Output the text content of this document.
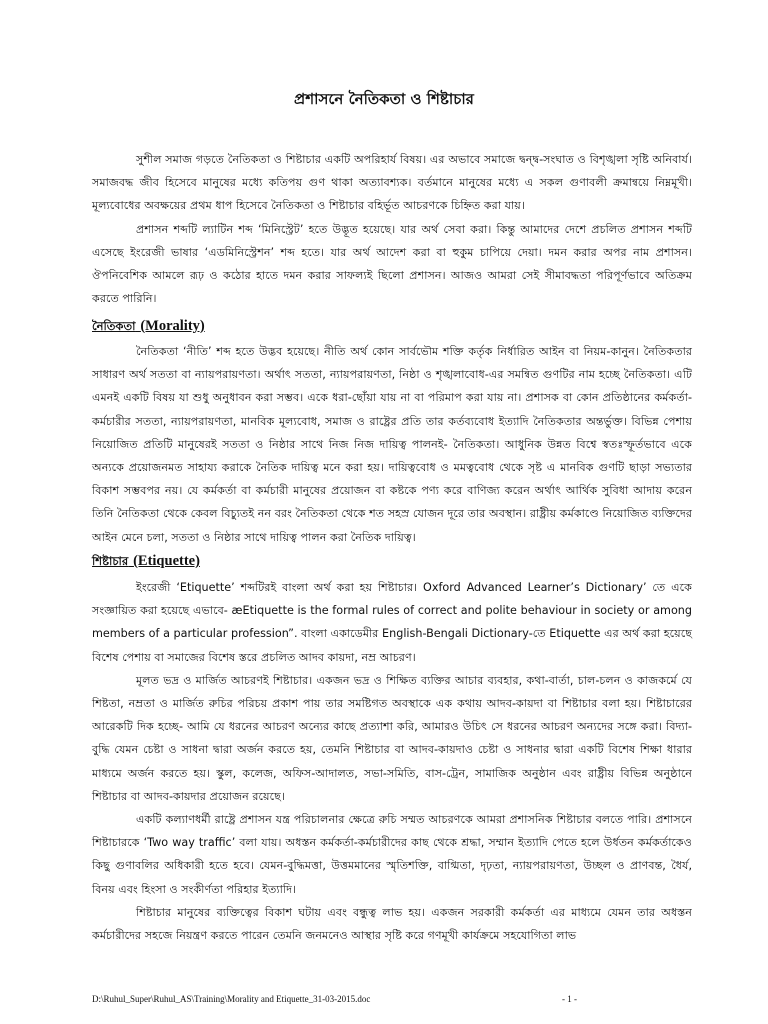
প্রশাসনে নৈতিকতা ও শিষ্টাচার

সুশীল সমাজ গড়তে নৈতিকতা ও শিষ্টাচার একটি অপরিহার্য বিষয়। এর অভাবে সমাজে দ্বন্দ্ব-সংঘাত ও বিশৃঙ্খলা সৃষ্টি অনিবার্য। সমাজবদ্ধ জীব হিসেবে মানুষের মধ্যে কতিপয় গুণ থাকা অত্যাবশ্যক। বর্তমানে মানুষের মধ্যে এ সকল গুণাবলী ক্রমান্বয়ে নিম্নমূখী। মূল্যবোধের অবক্ষয়ের প্রথম ধাপ হিসেবে নৈতিকতা ও শিষ্টাচার বহির্ভূত আচরণকে চিহ্নিত করা যায়।

প্রশাসন শব্দটি ল্যাটিন শব্দ ‘মিনিস্ট্রেট’ হতে উদ্ভূত হয়েছে। যার অর্থ সেবা করা। কিন্তু আমাদের দেশে প্রচলিত প্রশাসন শব্দটি এসেছে ইংরেজী ভাষার ‘এডমিনিস্ট্রেশন’ শব্দ হতে। যার অর্থ আদেশ করা বা হুকুম চাপিয়ে দেয়া। দমন করার অপর নাম প্রশাসন। ঔপনিবেশিক আমলে রূঢ় ও কঠোর হাতে দমন করার সাফল্যই ছিলো প্রশাসন। আজও আমরা সেই সীমাবদ্ধতা পরিপূর্ণভাবে অতিক্রম করতে পারিনি।

নৈতিকতা (Morality)

নৈতিকতা ‘নীতি’ শব্দ হতে উদ্ভব হয়েছে। নীতি অর্থ কোন সার্বভৌম শক্তি কর্তৃক নির্ধারিত আইন বা নিয়ম-কানুন। নৈতিকতার সাধারণ অর্থ সততা বা ন্যায়পরায়ণতা। অর্থাৎ সততা, ন্যায়পরায়ণতা, নিষ্ঠা ও শৃঙ্খলাবোধ-এর সমন্বিত গুণটির নাম হচ্ছে নৈতিকতা। এটি এমনই একটি বিষয় যা শুধু অনুধাবন করা সম্ভব। একে ধরা-ছোঁয়া যায় না বা পরিমাপ করা যায় না। প্রশাসক বা কোন প্রতিষ্ঠানের কর্মকর্তা-কর্মচারীর সততা, ন্যায়পরায়ণতা, মানবিক মূল্যবোধ, সমাজ ও রাষ্ট্রের প্রতি তার কর্তব্যবোধ ইত্যাদি নৈতিকতার অন্তর্ভুক্ত। বিভিন্ন পেশায় নিয়োজিত প্রতিটি মানুষেরই সততা ও নিষ্ঠার সাথে নিজ নিজ দায়িত্ব পালনই- নৈতিকতা। আধুনিক উন্নত বিশ্বে স্বতঃস্ফূর্তভাবে একে অন্যকে প্রয়োজনমত সাহায্য করাকে নৈতিক দায়িত্ব মনে করা হয়। দায়িত্ববোধ ও মমত্ববোধ থেকে সৃষ্ট এ মানবিক গুণটি ছাড়া সভ্যতার বিকাশ সম্ভবপর নয়। যে কর্মকর্তা বা কর্মচারী মানুষের প্রয়োজন বা কষ্টকে পণ্য করে বাণিজ্য করেন অর্থাৎ আর্থিক সুবিধা আদায় করেন তিনি নৈতিকতা থেকে কেবল বিচ্যুতই নন বরং নৈতিকতা থেকে শত সহস্র যোজন দূরে তার অবস্থান। রাষ্ট্রীয় কর্মকাণ্ডে নিয়োজিত ব্যক্তিদের আইন মেনে চলা, সততা ও নিষ্ঠার সাথে দায়িত্ব পালন করা নৈতিক দায়িত্ব।

শিষ্টাচার (Etiquette)

ইংরেজী ‘Etiquette’ শব্দটিরই বাংলা অর্থ করা হয় শিষ্টাচার। Oxford Advanced Learner’s Dictionary’ তে একে সংজ্ঞায়িত করা হয়েছে এভাবে- æEtiquette is the formal rules of correct and polite behaviour in society or among members of a particular profession”. বাংলা একাডেমীর English-Bengali Dictionary-তে Etiquette এর অর্থ করা হয়েছে বিশেষ পেশায় বা সমাজের বিশেষ স্তরে প্রচলিত আদব কায়দা, নম্র আচরণ।

মূলত ভদ্র ও মার্জিত আচরণই শিষ্টাচার। একজন ভদ্র ও শিক্ষিত ব্যক্তির আচার ব্যবহার, কথা-বার্তা, চাল-চলন ও কাজকর্মে যে শিষ্টতা, নম্রতা ও মার্জিত রুচির পরিচয় প্রকাশ পায় তার সমষ্টিগত অবস্থাকে এক কথায় আদব-কায়দা বা শিষ্টাচার বলা হয়। শিষ্টাচারের আরেকটি দিক হচ্ছে- আমি যে ধরনের আচরণ অন্যের কাছে প্রত্যাশা করি, আমারও উচিৎ সে ধরনের আচরণ অন্যদের সঙ্গে করা। বিদ্যা-বুদ্ধি যেমন চেষ্টা ও সাধনা দ্বারা অর্জন করতে হয়, তেমনি শিষ্টাচার বা আদব-কায়দাও চেষ্টা ও সাধনার দ্বারা একটি বিশেষ শিক্ষা ধারার মাধ্যমে অর্জন করতে হয়। স্কুল, কলেজ, অফিস-আদালত, সভা-সমিতি, বাস-ট্রেন, সামাজিক অনুষ্ঠান এবং রাষ্ট্রীয় বিভিন্ন অনুষ্ঠানে শিষ্টাচার বা আদব-কায়দার প্রয়োজন রয়েছে।

একটি কল্যাণধর্মী রাষ্ট্রে প্রশাসন যন্ত্র পরিচালনার ক্ষেত্রে রুচি সম্মত আচরণকে আমরা প্রশাসনিক শিষ্টাচার বলতে পারি। প্রশাসনে শিষ্টাচারকে ‘Two way traffic’ বলা যায়। অধস্তন কর্মকর্তা-কর্মচারীদের কাছ থেকে শ্রদ্ধা, সম্মান ইত্যাদি পেতে হলে উর্ধতন কর্মকর্তাকেও কিছু গুণাবলির অধিকারী হতে হবে। যেমন-বুদ্ধিমত্তা, উত্তমমানের স্মৃতিশক্তি, বাগ্মিতা, দৃঢ়তা, ন্যায়পরায়ণতা, উচ্ছল ও প্রাণবন্ত, ধৈর্য, বিনয় এবং হিংসা ও সংকীর্ণতা পরিহার ইত্যাদি।

শিষ্টাচার মানুষের ব্যক্তিত্বের বিকাশ ঘটায় এবং বন্ধুত্ব লাভ হয়। একজন সরকারী কর্মকর্তা এর মাধ্যমে যেমন তার অধস্তন কর্মচারীদের সহজে নিয়ন্ত্রণ করতে পারেন তেমনি জনমনেও আস্থার সৃষ্টি করে গণমূখী কার্যক্রমে সহযোগিতা লাভ

D:\Ruhul_Super\Ruhul_AS\Training\Morality and Etiquette_31-03-2015.doc	- 1 -
